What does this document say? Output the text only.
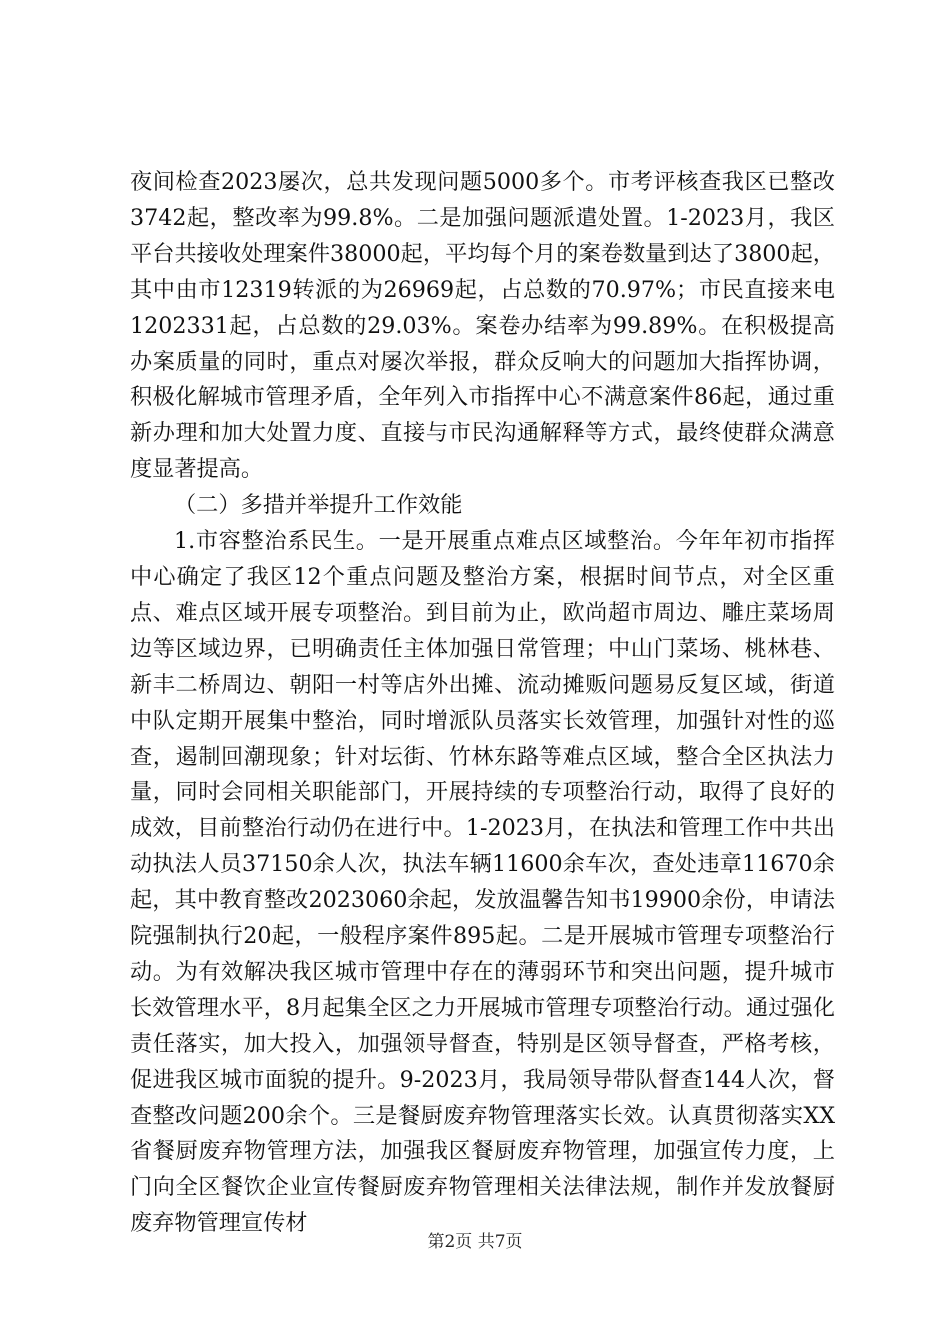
夜间检查2023屡次，总共发现问题5000多个。市考评核查我区已整改3742起，整改率为99.8%。二是加强问题派遣处置。1-2023月，我区平台共接收处理案件38000起，平均每个月的案卷数量到达了3800起，其中由市12319转派的为26969起，占总数的70.97%；市民直接来电1202331起，占总数的29.03%。案卷办结率为99.89%。在积极提高办案质量的同时，重点对屡次举报，群众反响大的问题加大指挥协调，积极化解城市管理矛盾，全年列入市指挥中心不满意案件86起，通过重新办理和加大处置力度、直接与市民沟通解释等方式，最终使群众满意度显著提高。

（二）多措并举提升工作效能

1.市容整治系民生。一是开展重点难点区域整治。今年年初市指挥中心确定了我区12个重点问题及整治方案，根据时间节点，对全区重点、难点区域开展专项整治。到目前为止，欧尚超市周边、雕庄菜场周边等区域边界，已明确责任主体加强日常管理；中山门菜场、桃林巷、新丰二桥周边、朝阳一村等店外出摊、流动摊贩问题易反复区域，街道中队定期开展集中整治，同时增派队员落实长效管理，加强针对性的巡查，遏制回潮现象；针对坛街、竹林东路等难点区域，整合全区执法力量，同时会同相关职能部门，开展持续的专项整治行动，取得了良好的成效，目前整治行动仍在进行中。1-2023月，在执法和管理工作中共出动执法人员37150余人次，执法车辆11600余车次，查处违章11670余起，其中教育整改2023060余起，发放温馨告知书19900余份，申请法院强制执行20起，一般程序案件895起。二是开展城市管理专项整治行动。为有效解决我区城市管理中存在的薄弱环节和突出问题，提升城市长效管理水平，8月起集全区之力开展城市管理专项整治行动。通过强化责任落实，加大投入，加强领导督查，特别是区领导督查，严格考核，促进我区城市面貌的提升。9-2023月，我局领导带队督查144人次，督查整改问题200余个。三是餐厨废弃物管理落实长效。认真贯彻落实XX省餐厨废弃物管理方法，加强我区餐厨废弃物管理，加强宣传力度，上门向全区餐饮企业宣传餐厨废弃物管理相关法律法规，制作并发放餐厨废弃物管理宣传材

第2页 共7页
